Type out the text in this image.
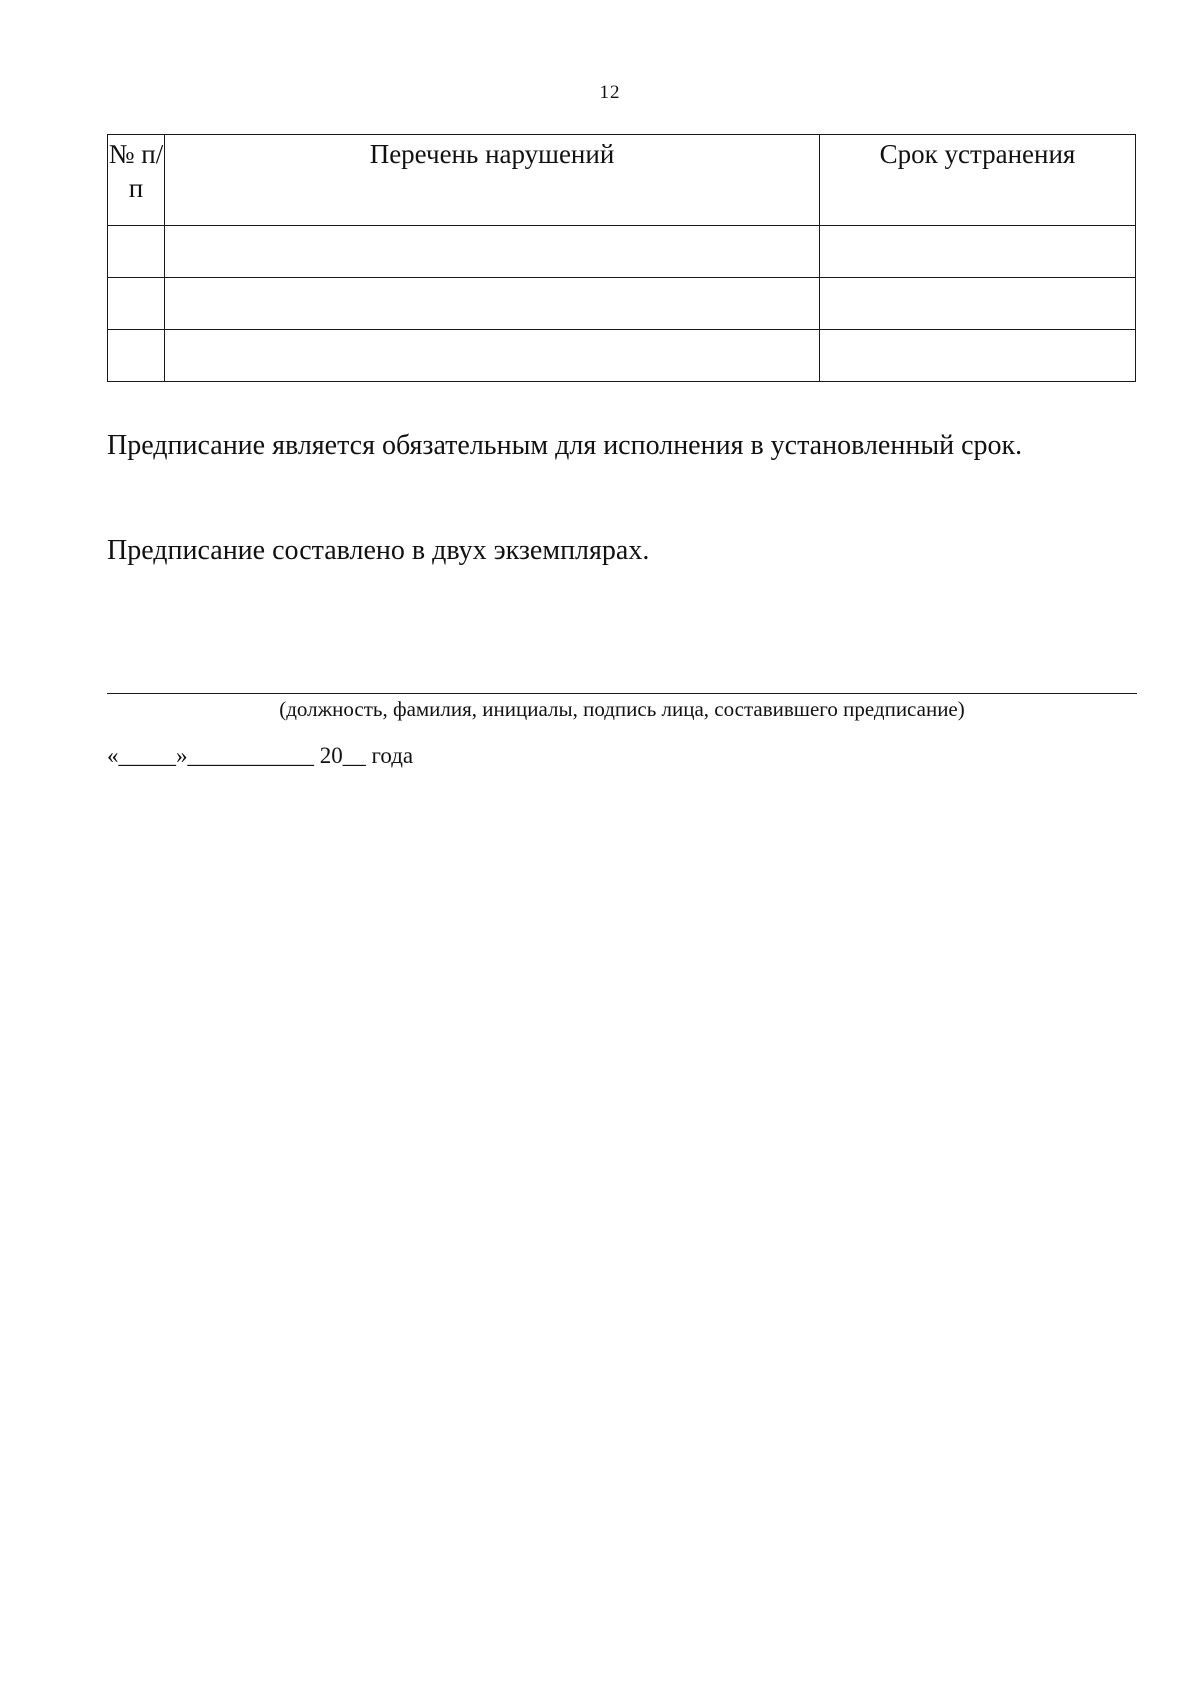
12
№ п/п	Перечень нарушений	Срок устранения

Предписание является обязательным для исполнения в установленный срок.
Предписание составлено в двух экземплярах.
(должность, фамилия, инициалы, подпись лица, составившего предписание)
«_____»___________ 20__ года
